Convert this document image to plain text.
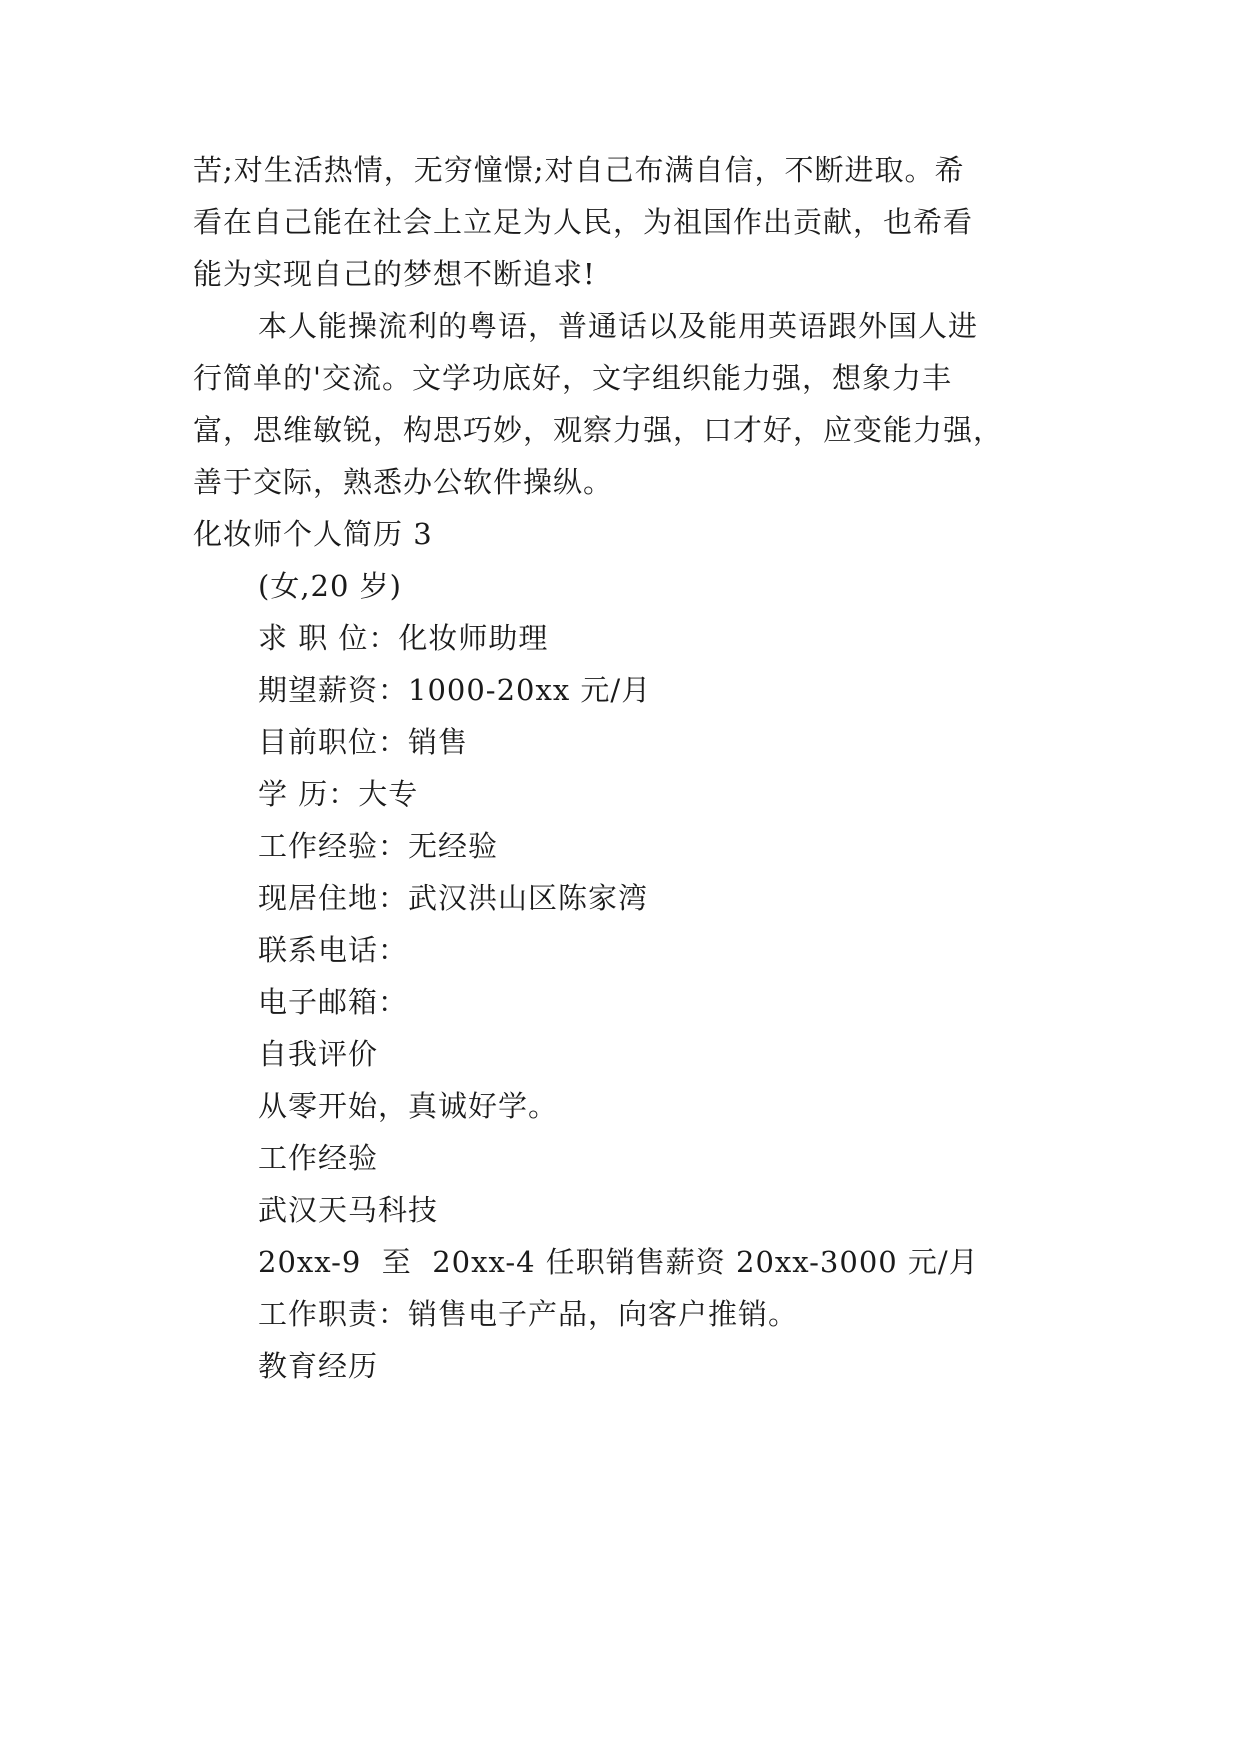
苦;对生活热情，无穷憧憬;对自己布满自信，不断进取。希
看在自己能在社会上立足为人民，为祖国作出贡献，也希看
能为实现自己的梦想不断追求!
本人能操流利的粤语，普通话以及能用英语跟外国人进
行简单的'交流。文学功底好，文字组织能力强，想象力丰
富，思维敏锐，构思巧妙，观察力强，口才好，应变能力强，
善于交际，熟悉办公软件操纵。
化妆师个人简历 3
(女,20 岁)
求 职 位：化妆师助理
期望薪资：1000-20xx 元/月
目前职位：销售
学 历：大专
工作经验：无经验
现居住地：武汉洪山区陈家湾
联系电话：
电子邮箱：
自我评价
从零开始，真诚好学。
工作经验
武汉天马科技
20xx-9  至  20xx-4 任职销售薪资 20xx-3000 元/月
工作职责：销售电子产品，向客户推销。
教育经历
